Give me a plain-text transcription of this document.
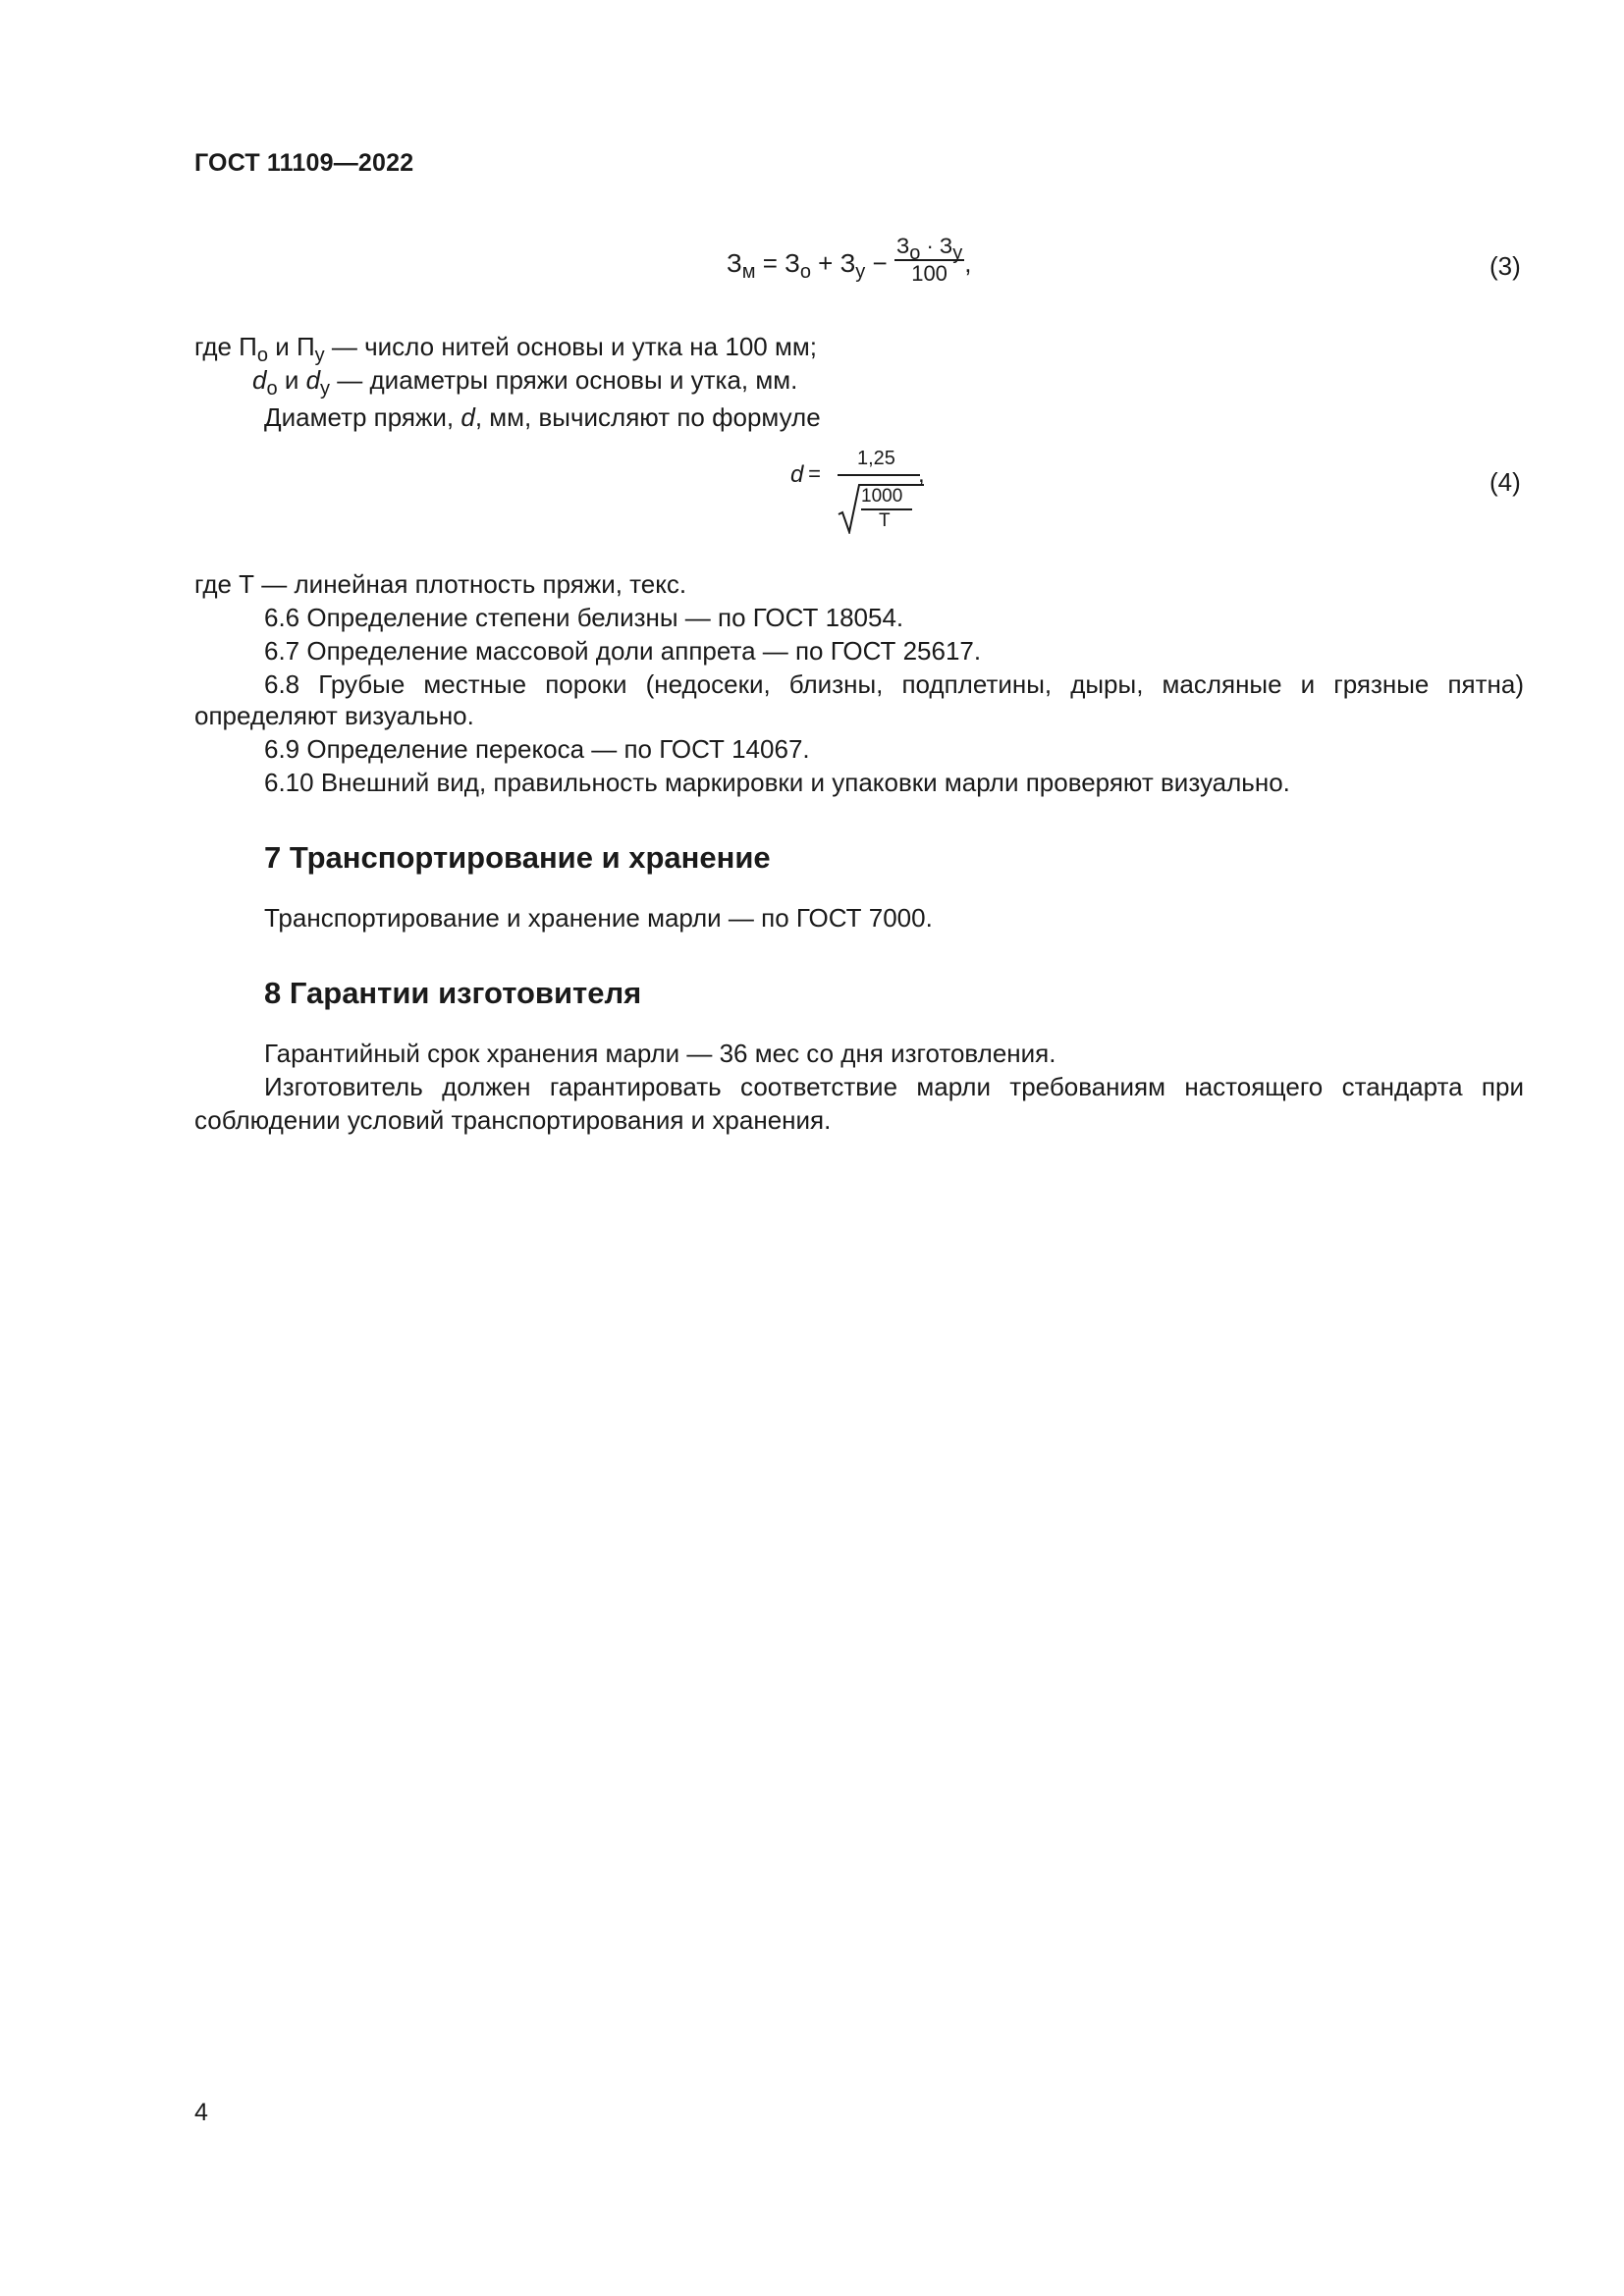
ГОСТ 11109—2022
$З_м = З_о + З_у - \frac{З_о \cdot З_у}{100}$ ,	(3)
где $П_о$ и $П_у$ — число нитей основы и утка на 100 мм;
$d_о$ и $d_у$ — диаметры пряжи основы и утка, мм.
Диаметр пряжи, d, мм, вычисляют по формуле
d
=
1,25
1000
Т
,	(4)
где Т — линейная плотность пряжи, текс.
6.6 Определение степени белизны — по ГОСТ 18054.
6.7 Определение массовой доли аппрета — по ГОСТ 25617.
6.8 Грубые местные пороки (недосеки, близны, подплетины, дыры, масляные и грязные пятна)
определяют визуально.
6.9 Определение перекоса — по ГОСТ 14067.
6.10 Внешний вид, правильность маркировки и упаковки марли проверяют визуально.
7 Транспортирование и хранение
Транспортирование и хранение марли — по ГОСТ 7000.
8 Гарантии изготовителя
Гарантийный срок хранения марли — 36 мес со дня изготовления.
Изготовитель должен гарантировать соответствие марли требованиям настоящего стандарта при
соблюдении условий транспортирования и хранения.
4
